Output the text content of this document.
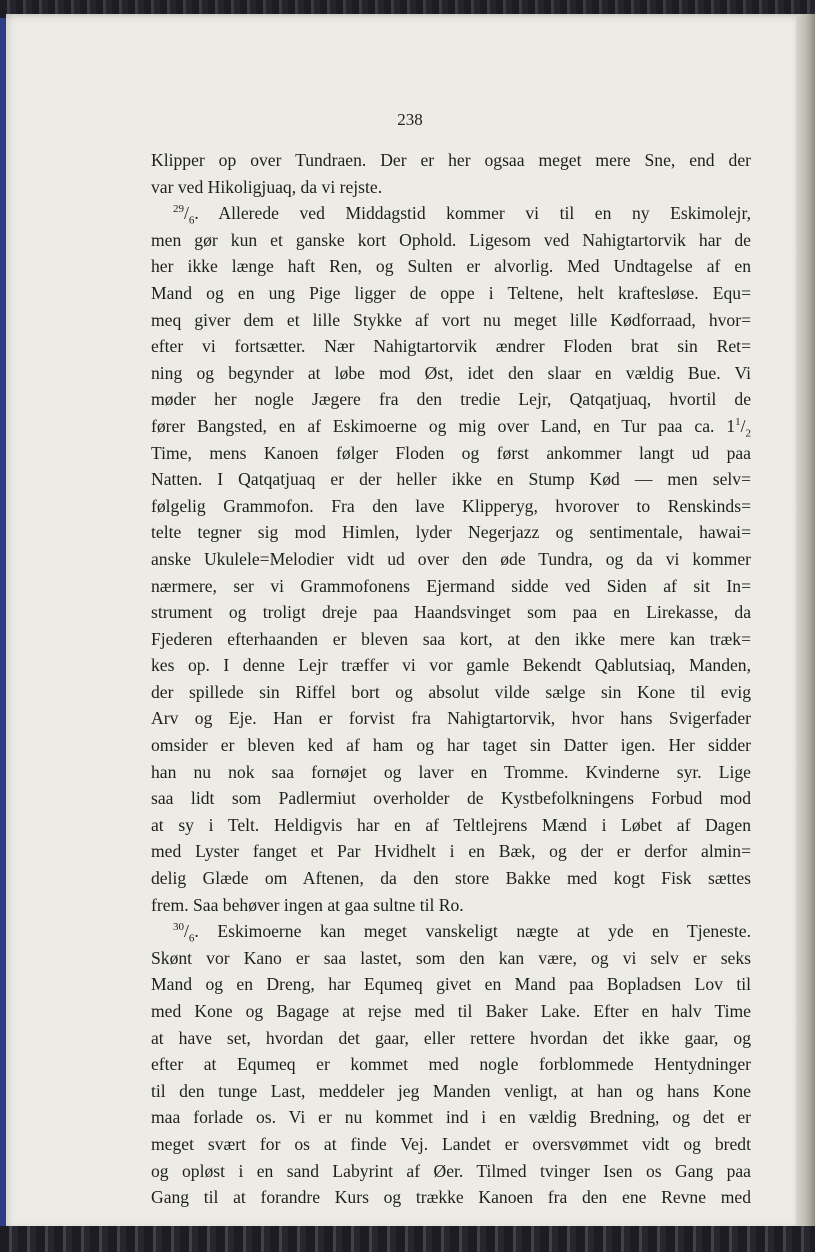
238
Klipper op over Tundraen. Der er her ogsaa meget mere Sne, end der
var ved Hikoligjuaq, da vi rejste.
$^{29}/_6$. Allerede ved Middagstid kommer vi til en ny Eskimolejr,
men gør kun et ganske kort Ophold. Ligesom ved Nahigtartorvik har de
her ikke længe haft Ren, og Sulten er alvorlig. Med Undtagelse af en
Mand og en ung Pige ligger de oppe i Teltene, helt kraftesløse. Equ=
meq giver dem et lille Stykke af vort nu meget lille Kødforraad, hvor=
efter vi fortsætter. Nær Nahigtartorvik ændrer Floden brat sin Ret=
ning og begynder at løbe mod Øst, idet den slaar en vældig Bue. Vi
møder her nogle Jægere fra den tredie Lejr, Qatqatjuaq, hvortil de
fører Bangsted, en af Eskimoerne og mig over Land, en Tur paa ca. $1^1/_2$
Time, mens Kanoen følger Floden og først ankommer langt ud paa
Natten. I Qatqatjuaq er der heller ikke en Stump Kød — men selv=
følgelig Grammofon. Fra den lave Klipperyg, hvorover to Renskinds=
telte tegner sig mod Himlen, lyder Negerjazz og sentimentale, hawai=
anske Ukulele=Melodier vidt ud over den øde Tundra, og da vi kommer
nærmere, ser vi Grammofonens Ejermand sidde ved Siden af sit In=
strument og troligt dreje paa Haandsvinget som paa en Lirekasse, da
Fjederen efterhaanden er bleven saa kort, at den ikke mere kan træk=
kes op. I denne Lejr træffer vi vor gamle Bekendt Qablutsiaq, Manden,
der spillede sin Riffel bort og absolut vilde sælge sin Kone til evig
Arv og Eje. Han er forvist fra Nahigtartorvik, hvor hans Svigerfader
omsider er bleven ked af ham og har taget sin Datter igen. Her sidder
han nu nok saa fornøjet og laver en Tromme. Kvinderne syr. Lige
saa lidt som Padlermiut overholder de Kystbefolkningens Forbud mod
at sy i Telt. Heldigvis har en af Teltlejrens Mænd i Løbet af Dagen
med Lyster fanget et Par Hvidhelt i en Bæk, og der er derfor almin=
delig Glæde om Aftenen, da den store Bakke med kogt Fisk sættes
frem. Saa behøver ingen at gaa sultne til Ro.
$^{30}/_6$. Eskimoerne kan meget vanskeligt nægte at yde en Tjeneste.
Skønt vor Kano er saa lastet, som den kan være, og vi selv er seks
Mand og en Dreng, har Equmeq givet en Mand paa Bopladsen Lov til
med Kone og Bagage at rejse med til Baker Lake. Efter en halv Time
at have set, hvordan det gaar, eller rettere hvordan det ikke gaar, og
efter at Equmeq er kommet med nogle forblommede Hentydninger
til den tunge Last, meddeler jeg Manden venligt, at han og hans Kone
maa forlade os. Vi er nu kommet ind i en vældig Bredning, og det er
meget svært for os at finde Vej. Landet er oversvømmet vidt og bredt
og opløst i en sand Labyrint af Øer. Tilmed tvinger Isen os Gang paa
Gang til at forandre Kurs og trække Kanoen fra den ene Revne med
